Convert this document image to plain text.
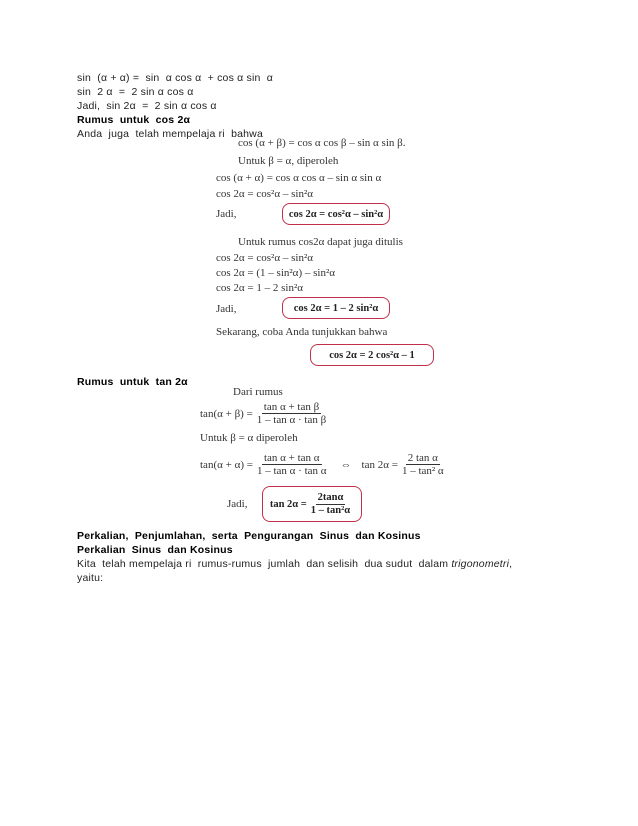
sin  (α + α) =  sin  α cos α  + cos α sin  α
sin  2 α  =  2 sin α cos α
Jadi,  sin 2α  =  2 sin α cos α
Rumus  untuk  cos 2α
Anda  juga  telah mempelaja ri  bahwa
cos (α + β) = cos α cos β – sin α sin β.
Untuk β = α, diperoleh
cos (α + α) = cos α cos α – sin α sin α
cos 2α = cos²α – sin²α
Jadi,	cos 2α = cos²α – sin²α
Untuk rumus cos2α dapat juga ditulis
cos 2α = cos²α – sin²α
cos 2α = (1 – sin²α) – sin²α
cos 2α = 1 – 2 sin²α
Jadi,	cos 2α = 1 – 2 sin²α
Sekarang, coba Anda tunjukkan bahwa
cos 2α = 2 cos²α – 1
Rumus  untuk  tan 2α
Dari rumus
$\tan(\alpha + \beta) = \frac{\text{tan α + tan β}}{\text{1 – tan α · tan β}}$
Untuk β = α diperoleh
$\tan(\alpha + \alpha) = \frac{\text{tan α + tan α}}{\text{1 – tan α · tan α}}$ ⇔ $\tan 2\alpha = \frac{\text{2 tan α}}{\text{1 – tan² α}}$
Jadi, $\tan 2\alpha = \frac{2\tan\alpha}{\text{1 – tan²α}}$
Perkalian,  Penjumlahan,  serta  Pengurangan  Sinus  dan Kosinus
Perkalian  Sinus  dan Kosinus
Kita  telah mempelaja ri  rumus-rumus  jumlah  dan selisih  dua sudut  dalam trigonometri,
yaitu:
